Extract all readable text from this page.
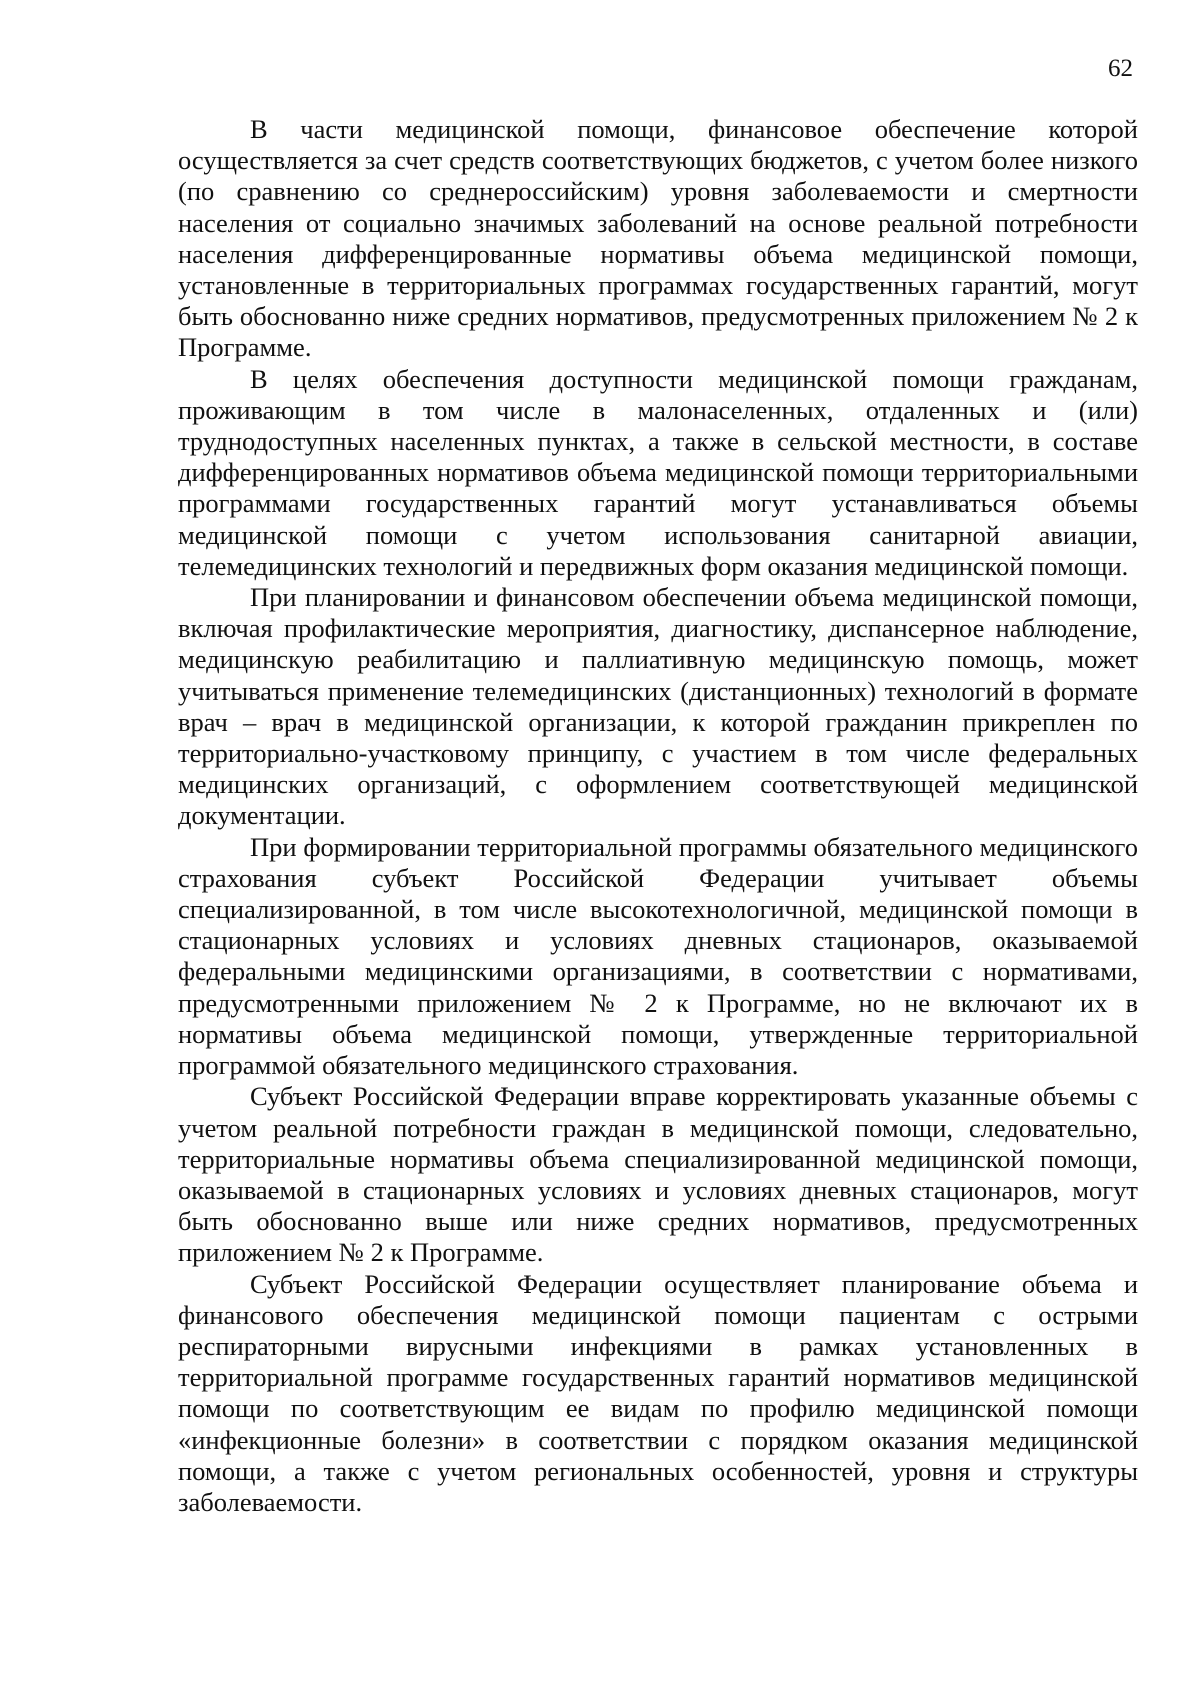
62

В части медицинской помощи, финансовое обеспечение которой осуществляется за счет средств соответствующих бюджетов, с учетом более низкого (по сравнению со среднероссийским) уровня заболеваемости и смертности населения от социально значимых заболеваний на основе реальной потребности населения дифференцированные нормативы объема медицинской помощи, установленные в территориальных программах государственных гарантий, могут быть обоснованно ниже средних нормативов, предусмотренных приложением № 2 к Программе.

В целях обеспечения доступности медицинской помощи гражданам, проживающим в том числе в малонаселенных, отдаленных и (или) труднодоступных населенных пунктах, а также в сельской местности, в составе дифференцированных нормативов объема медицинской помощи территориальными программами государственных гарантий могут устанавливаться объемы медицинской помощи с учетом использования санитарной авиации, телемедицинских технологий и передвижных форм оказания медицинской помощи.

При планировании и финансовом обеспечении объема медицинской помощи, включая профилактические мероприятия, диагностику, диспансерное наблюдение, медицинскую реабилитацию и паллиативную медицинскую помощь, может учитываться применение телемедицинских (дистанционных) технологий в формате врач – врач в медицинской организации, к которой гражданин прикреплен по территориально-участковому принципу, с участием в том числе федеральных медицинских организаций, с оформлением соответствующей медицинской документации.

При формировании территориальной программы обязательного медицинского страхования субъект Российской Федерации учитывает объемы специализированной, в том числе высокотехнологичной, медицинской помощи в стационарных условиях и условиях дневных стационаров, оказываемой федеральными медицинскими организациями, в соответствии с нормативами, предусмотренными приложением № 2 к Программе, но не включают их в нормативы объема медицинской помощи, утвержденные территориальной программой обязательного медицинского страхования.

Субъект Российской Федерации вправе корректировать указанные объемы с учетом реальной потребности граждан в медицинской помощи, следовательно, территориальные нормативы объема специализированной медицинской помощи, оказываемой в стационарных условиях и условиях дневных стационаров, могут быть обоснованно выше или ниже средних нормативов, предусмотренных приложением № 2 к Программе.

Субъект Российской Федерации осуществляет планирование объема и финансового обеспечения медицинской помощи пациентам с острыми респираторными вирусными инфекциями в рамках установленных в территориальной программе государственных гарантий нормативов медицинской помощи по соответствующим ее видам по профилю медицинской помощи «инфекционные болезни» в соответствии с порядком оказания медицинской помощи, а также с учетом региональных особенностей, уровня и структуры заболеваемости.
